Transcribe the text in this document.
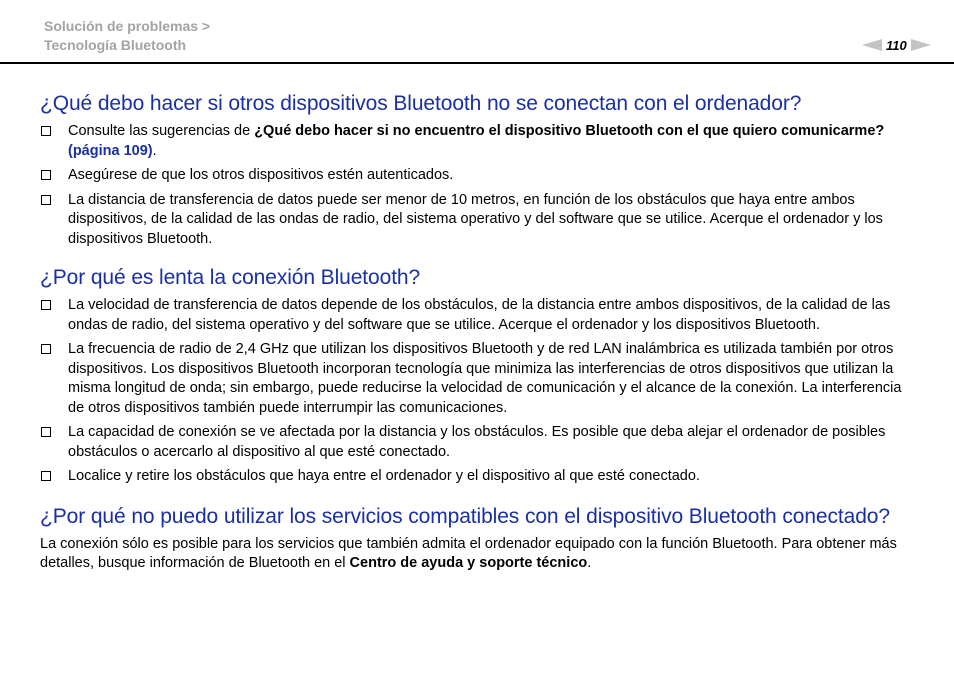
Solución de problemas >
Tecnología Bluetooth	110
¿Qué debo hacer si otros dispositivos Bluetooth no se conectan con el ordenador?
Consulte las sugerencias de ¿Qué debo hacer si no encuentro el dispositivo Bluetooth con el que quiero comunicarme? (página 109).
Asegúrese de que los otros dispositivos estén autenticados.
La distancia de transferencia de datos puede ser menor de 10 metros, en función de los obstáculos que haya entre ambos dispositivos, de la calidad de las ondas de radio, del sistema operativo y del software que se utilice. Acerque el ordenador y los dispositivos Bluetooth.
¿Por qué es lenta la conexión Bluetooth?
La velocidad de transferencia de datos depende de los obstáculos, de la distancia entre ambos dispositivos, de la calidad de las ondas de radio, del sistema operativo y del software que se utilice. Acerque el ordenador y los dispositivos Bluetooth.
La frecuencia de radio de 2,4 GHz que utilizan los dispositivos Bluetooth y de red LAN inalámbrica es utilizada también por otros dispositivos. Los dispositivos Bluetooth incorporan tecnología que minimiza las interferencias de otros dispositivos que utilizan la misma longitud de onda; sin embargo, puede reducirse la velocidad de comunicación y el alcance de la conexión. La interferencia de otros dispositivos también puede interrumpir las comunicaciones.
La capacidad de conexión se ve afectada por la distancia y los obstáculos. Es posible que deba alejar el ordenador de posibles obstáculos o acercarlo al dispositivo al que esté conectado.
Localice y retire los obstáculos que haya entre el ordenador y el dispositivo al que esté conectado.
¿Por qué no puedo utilizar los servicios compatibles con el dispositivo Bluetooth conectado?

La conexión sólo es posible para los servicios que también admita el ordenador equipado con la función Bluetooth. Para obtener más detalles, busque información de Bluetooth en el Centro de ayuda y soporte técnico.
